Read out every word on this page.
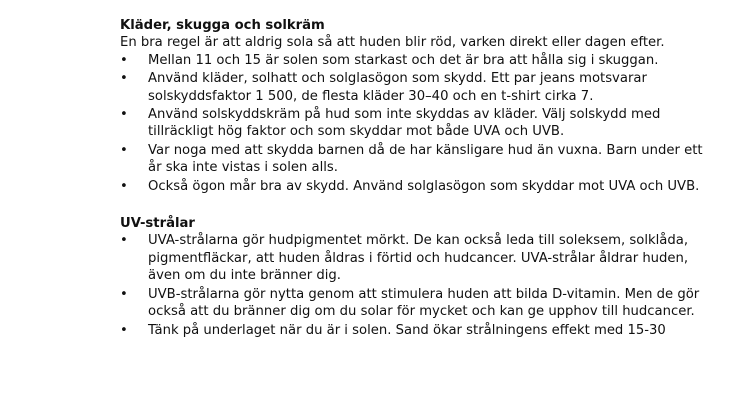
Kläder, skugga och solkräm

En bra regel är att aldrig sola så att huden blir röd, varken direkt eller dagen efter.

• Mellan 11 och 15 är solen som starkast och det är bra att hålla sig i skuggan.
• Använd kläder, solhatt och solglasögon som skydd. Ett par jeans motsvarar solskyddsfaktor 1 500, de flesta kläder 30–40 och en t-shirt cirka 7.
• Använd solskyddskräm på hud som inte skyddas av kläder. Välj solskydd med tillräckligt hög faktor och som skyddar mot både UVA och UVB.
• Var noga med att skydda barnen då de har känsligare hud än vuxna. Barn under ett år ska inte vistas i solen alls.
• Också ögon mår bra av skydd. Använd solglasögon som skyddar mot UVA och UVB.

UV-strålar

• UVA-strålarna gör hudpigmentet mörkt. De kan också leda till soleksem, solklåda, pigmentfläckar, att huden åldras i förtid och hudcancer. UVA-strålar åldrar huden, även om du inte bränner dig.
• UVB-strålarna gör nytta genom att stimulera huden att bilda D-vitamin. Men de gör också att du bränner dig om du solar för mycket och kan ge upphov till hudcancer.
• Tänk på underlaget när du är i solen. Sand ökar strålningens effekt med 15-30
